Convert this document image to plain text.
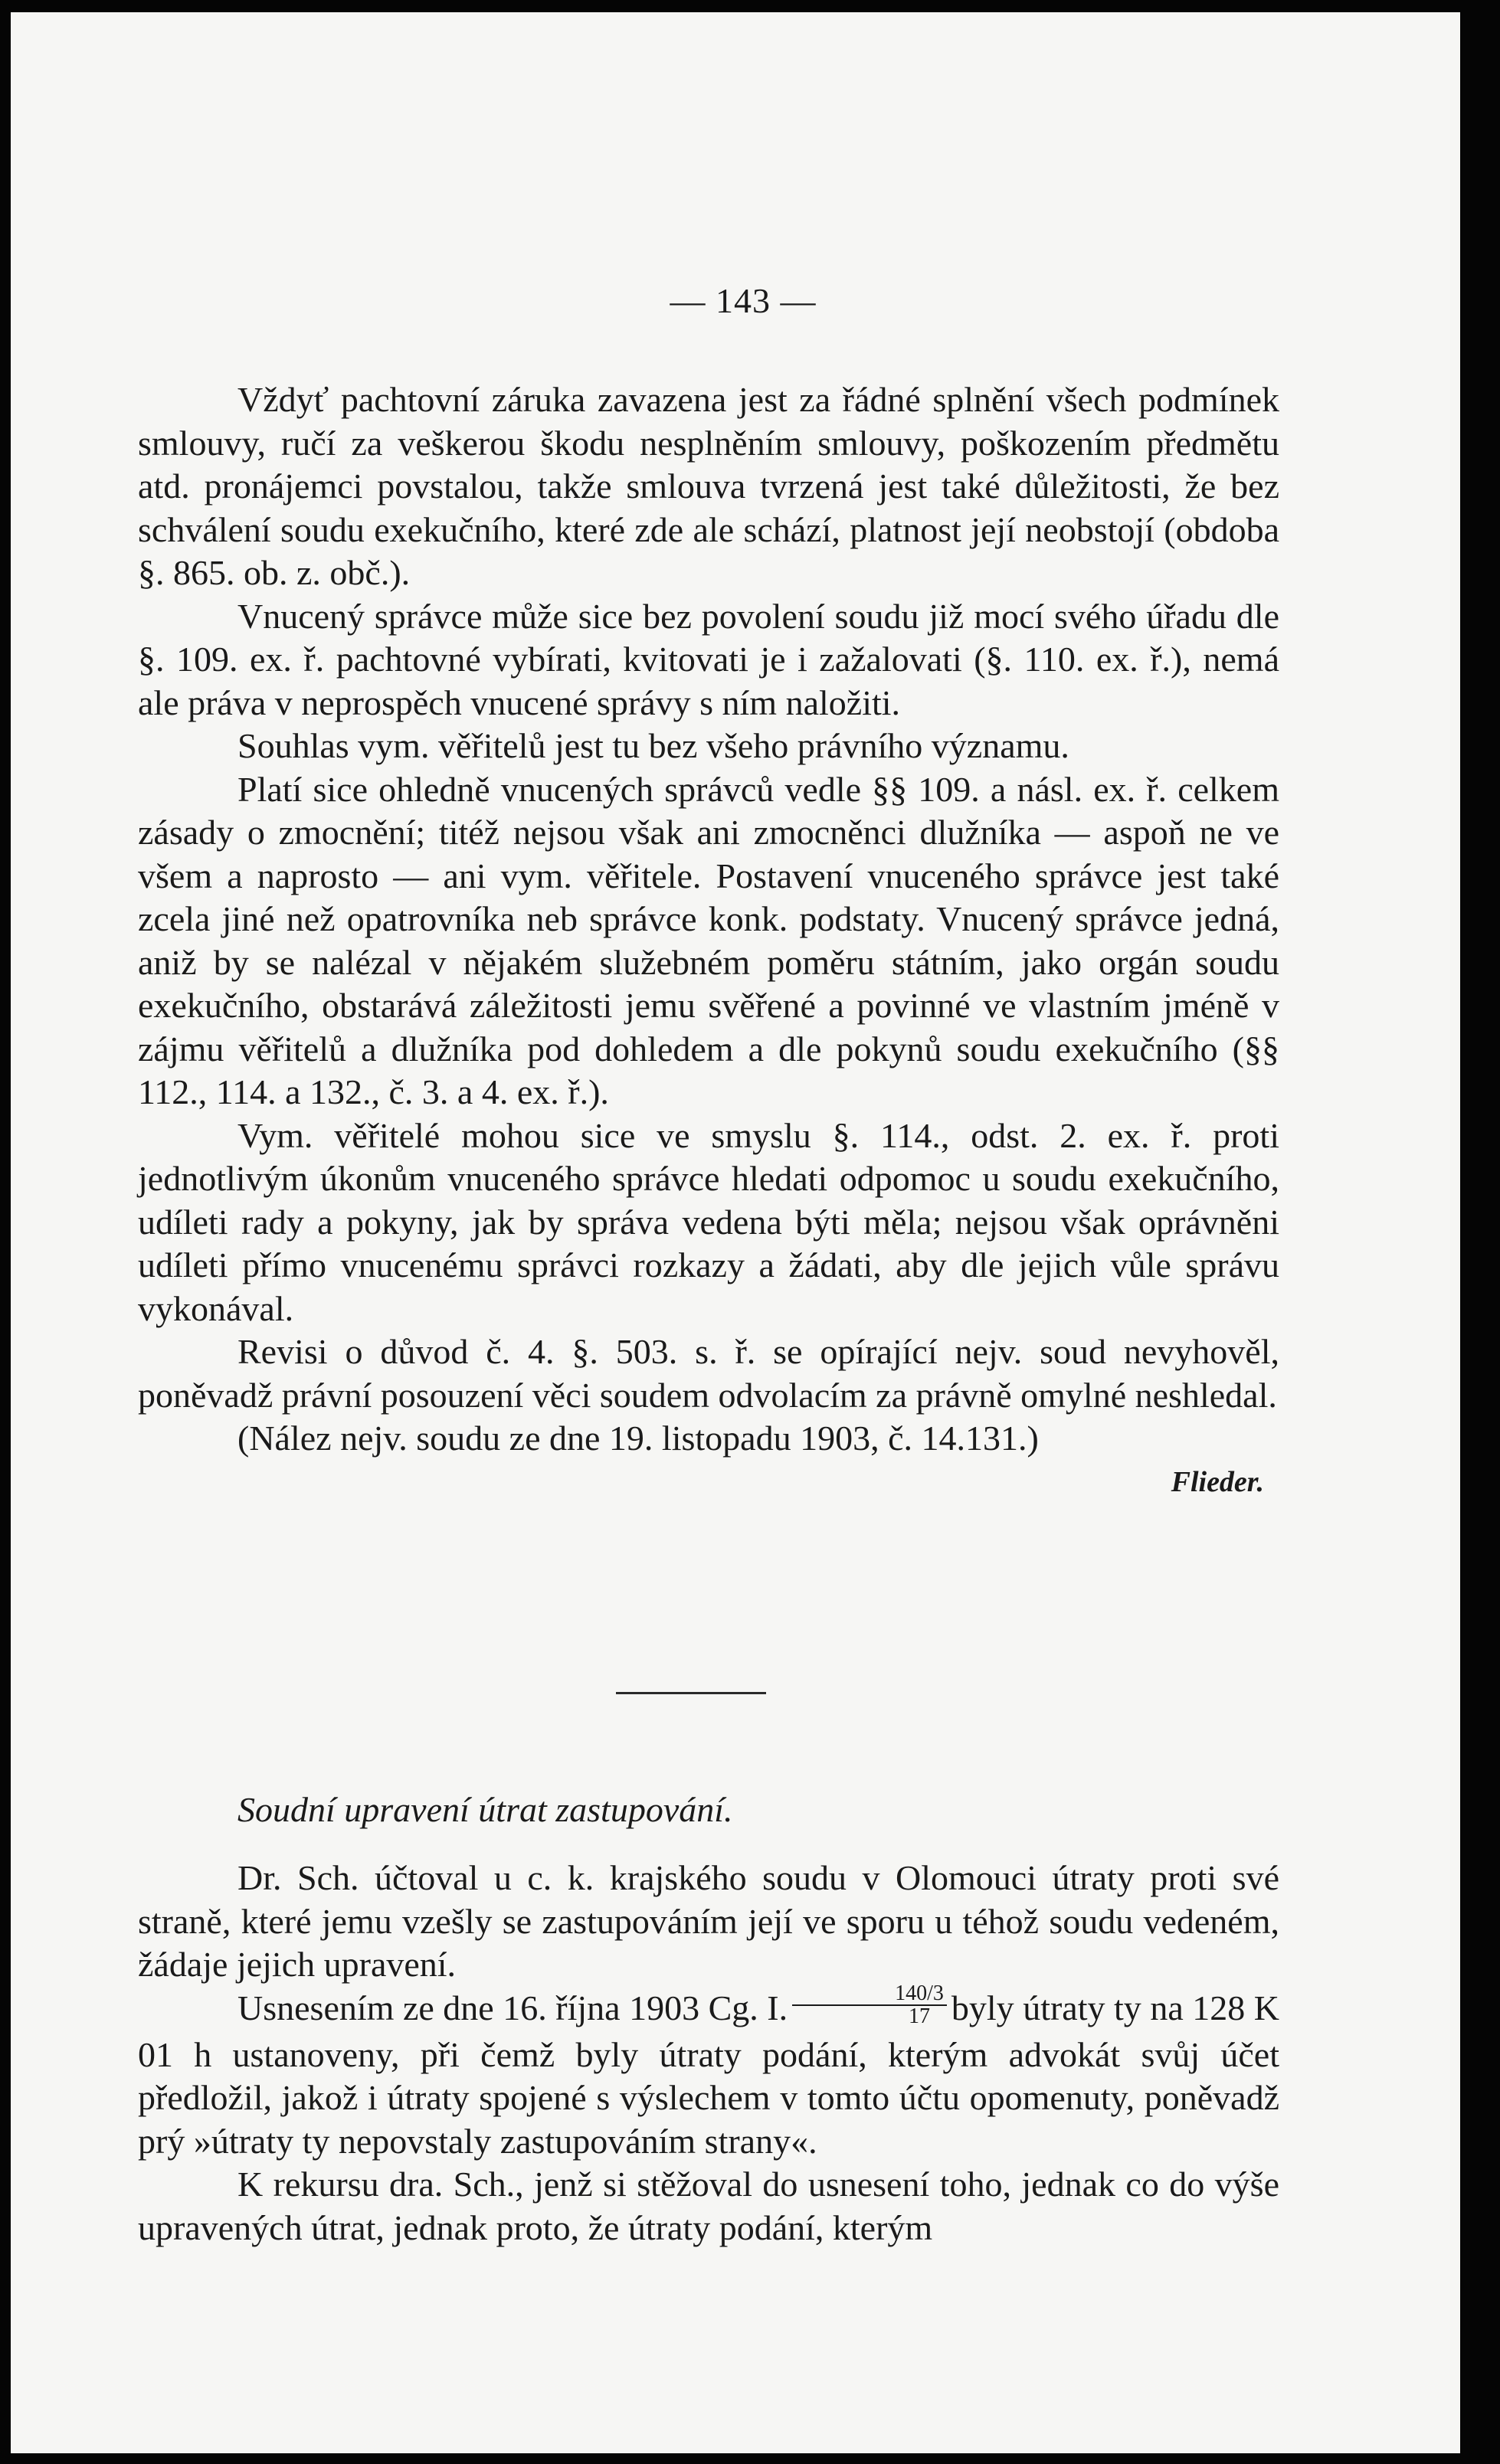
— 143 —

Vždyť pachtovní záruka zavazena jest za řádné splnění všech podmínek smlouvy, ručí za veškerou škodu nesplněním smlouvy, poškozením předmětu atd. pronájemci povstalou, takže smlouva tvrzená jest také důležitosti, že bez schválení soudu exekučního, které zde ale schází, platnost její neobstojí (obdoba §. 865. ob. z. obč.).

Vnucený správce může sice bez povolení soudu již mocí svého úřadu dle §. 109. ex. ř. pachtovné vybírati, kvitovati je i zažalovati (§. 110. ex. ř.), nemá ale práva v neprospěch vnucené správy s ním naložiti.

Souhlas vym. věřitelů jest tu bez všeho právního významu.

Platí sice ohledně vnucených správců vedle §§ 109. a násl. ex. ř. celkem zásady o zmocnění; titéž nejsou však ani zmocněnci dlužníka — aspoň ne ve všem a naprosto — ani vym. věřitele. Postavení vnuceného správce jest také zcela jiné než opatrovníka neb správce konk. podstaty. Vnucený správce jedná, aniž by se nalézal v nějakém služebném poměru státním, jako orgán soudu exekučního, obstarává záležitosti jemu svěřené a povinné ve vlastním jméně v zájmu věřitelů a dlužníka pod dohledem a dle pokynů soudu exekučního (§§ 112., 114. a 132., č. 3. a 4. ex. ř.).

Vym. věřitelé mohou sice ve smyslu §. 114., odst. 2. ex. ř. proti jednotlivým úkonům vnuceného správce hledati odpomoc u soudu exekučního, udíleti rady a pokyny, jak by správa vedena býti měla; nejsou však oprávněni udíleti přímo vnucenému správci rozkazy a žádati, aby dle jejich vůle správu vykonával.

Revisi o důvod č. 4. §. 503. s. ř. se opírající nejv. soud nevyhověl, poněvadž právní posouzení věci soudem odvolacím za právně omylné neshledal.

(Nález nejv. soudu ze dne 19. listopadu 1903, č. 14.131.)

Flieder.

Soudní upravení útrat zastupování.

Dr. Sch. účtoval u c. k. krajského soudu v Olomouci útraty proti své straně, které jemu vzešly se zastupováním její ve sporu u téhož soudu vedeném, žádaje jejich upravení.

Usnesením ze dne 16. října 1903 Cg. I. $\frac{140/3}{17}$ byly útraty ty na 128 K 01 h ustanoveny, při čemž byly útraty podání, kterým advokát svůj účet předložil, jakož i útraty spojené s výslechem v tomto účtu opomenuty, poněvadž prý »útraty ty nepovstaly zastupováním strany«.

K rekursu dra. Sch., jenž si stěžoval do usnesení toho, jednak co do výše upravených útrat, jednak proto, že útraty podání, kterým
